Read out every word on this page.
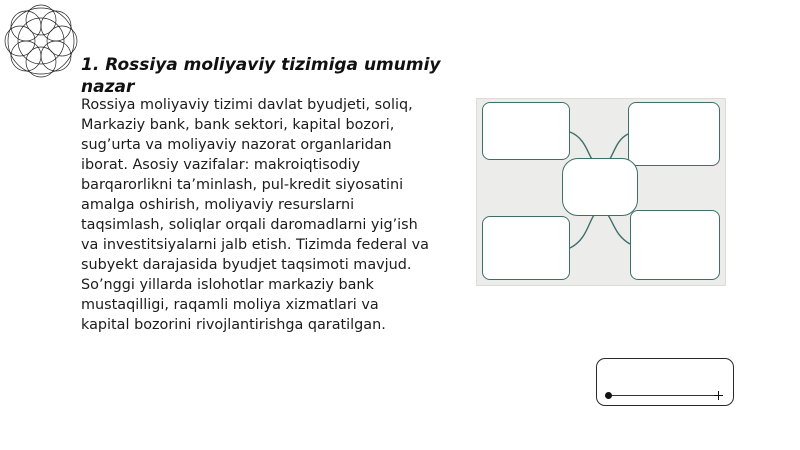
1. Rossiya moliyaviy tizimiga umumiy nazar

Rossiya moliyaviy tizimi davlat byudjeti, soliq, Markaziy bank, bank sektori, kapital bozori, sug’urta va moliyaviy nazorat organlaridan iborat. Asosiy vazifalar: makroiqtisodiy barqarorlikni ta’minlash, pul-kredit siyosatini amalga oshirish, moliyaviy resurslarni taqsimlash, soliqlar orqali daromadlarni yig’ish va investitsiyalarni jalb etish. Tizimda federal va subyekt darajasida byudjet taqsimoti mavjud. So’nggi yillarda islohotlar markaziy bank mustaqilligi, raqamli moliya xizmatlari va kapital bozorini rivojlantirishga qaratilgan.
